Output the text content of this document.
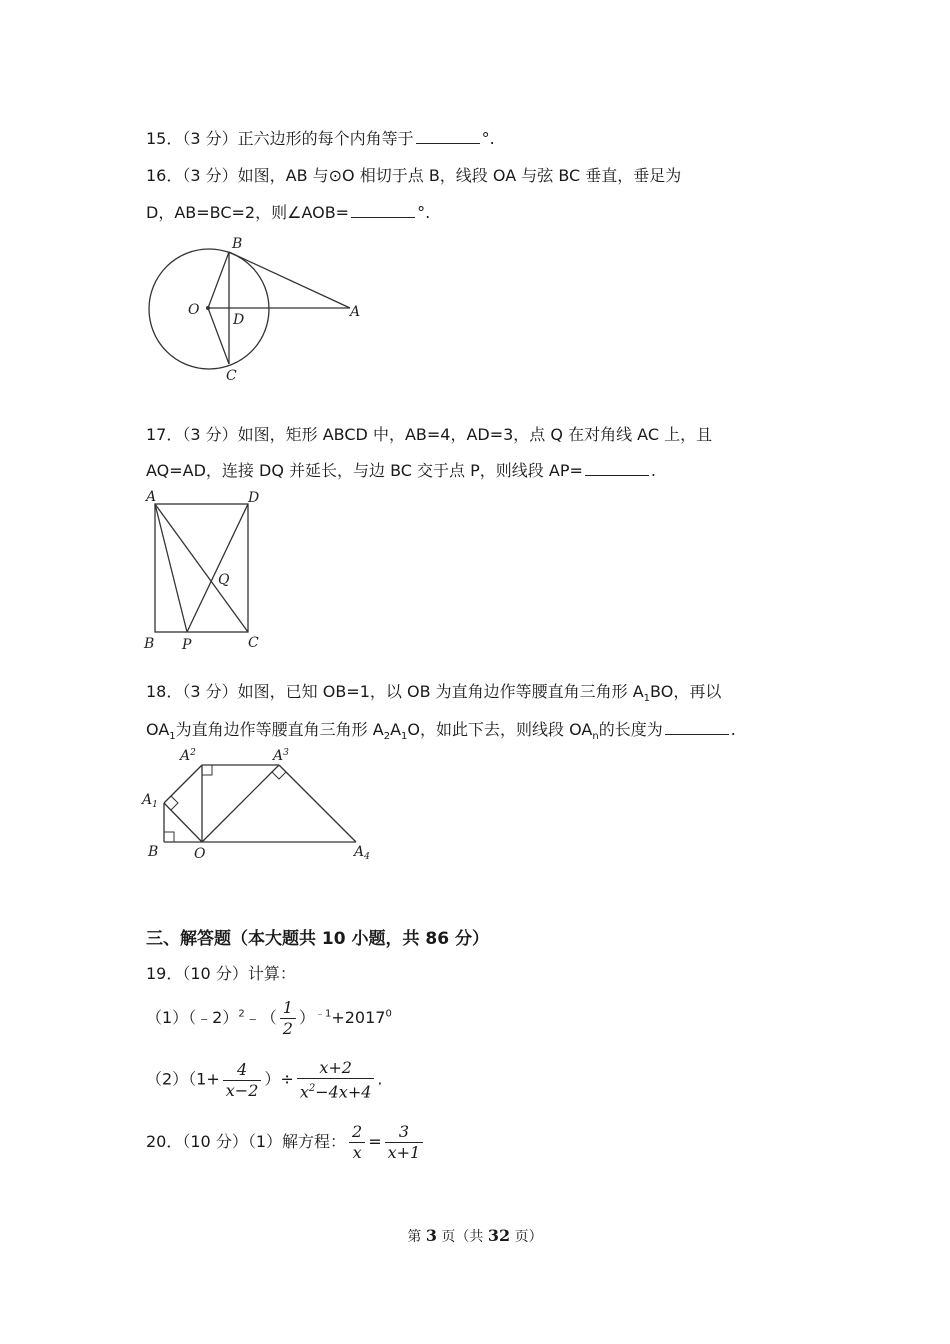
15．（3 分）正六边形的每个内角等于	°.
16．（3 分）如图，AB 与⊙O 相切于点 B，线段 OA 与弦 BC 垂直，垂足为
D，AB=BC=2，则∠AOB=	°.
B
O
D	A
C
17．（3 分）如图，矩形 ABCD 中，AB=4，AD=3，点 Q 在对角线 AC 上，且
AQ=AD，连接 DQ 并延长，与边 BC 交于点 P，则线段 AP=	.
A	D
Q
B P	C
18．（3 分）如图，已知 OB=1，以 OB 为直角边作等腰直角三角形 $A_1BO$，再以
$OA_1$为直角边作等腰直角三角形 $A_2A_1O$，如此下去，则线段 $OA_n$的长度为	.
$A^2$	$A^3$
$A_1$
B	O	$A_4$
三、解答题（本大题共 10 小题，共 86 分）
19．（10 分）计算：
（1）（﹣2）$^2$﹣（ $\frac{1}{2} )^{﹣1}+2017^0$
$(2)(1+ \frac{4}{x-2}$ ）÷ $\frac{x+2}{x^2-4x+4}$ .
20．（10 分）（1）解方程： $\frac{2}{x} = \frac{3}{x+1}$
第 3 页（共 32 页）
